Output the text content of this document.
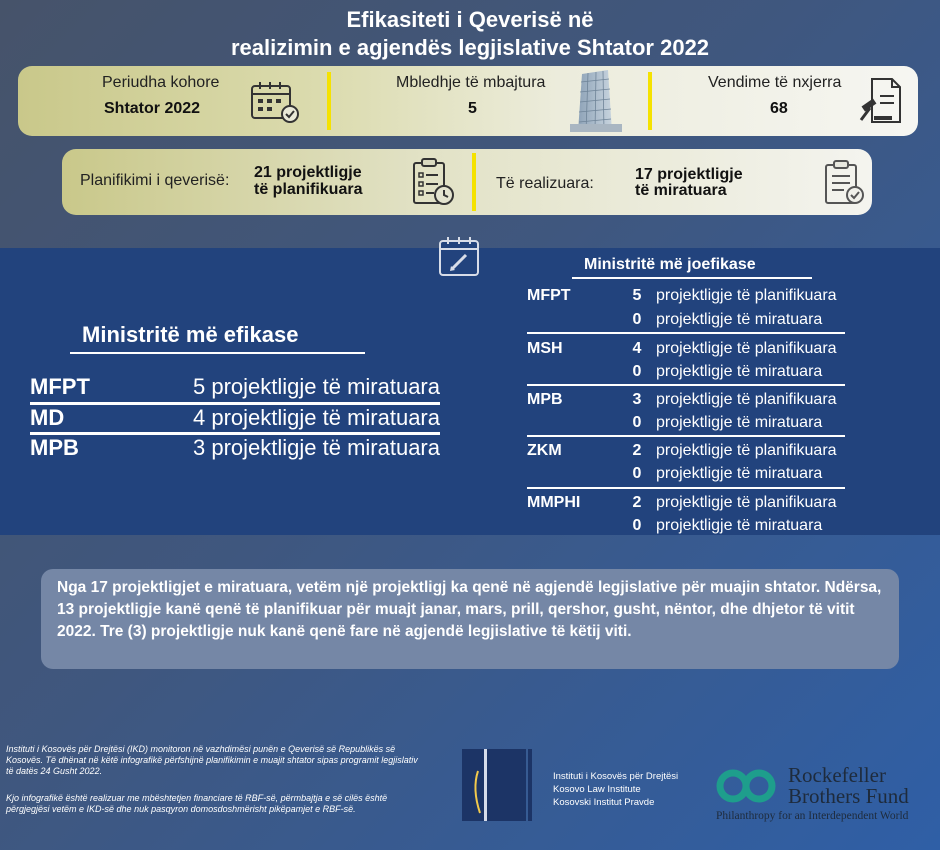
Efikasiteti i Qeverisë në
realizimin e agjendës legjislative Shtator 2022
Periudha kohore
Shtator 2022
Mbledhje të mbajtura
5
Vendime të nxjerra
68
Planifikimi i qeverisë: 21 projektligje
të planifikuara	Të realizuara:
17 projektligje
të miratuara
Ministritë më efikase
MFPT	5 projektligje të miratuara
MD	4 projektligje të miratuara
MPB	3 projektligje të miratuara
Ministritë më joefikase
MFPT	5 projektligje të planifikuara
0 projektligje të miratuara
MSH	4 projektligje të planifikuara
0 projektligje të miratuara
MPB	3 projektligje të planifikuara
0 projektligje të miratuara
ZKM	2 projektligje të planifikuara
0 projektligje të miratuara
MMPHI	2 projektligje të planifikuara
0 projektligje të miratuara
Nga 17 projektligjet e miratuara, vetëm një projektligj ka qenë në agjendë legjislative për muajin shtator. Ndërsa, 13 projektligje kanë qenë të planifikuar për muajt janar, mars, prill, qershor, gusht, nëntor, dhe dhjetor të vitit 2022. Tre (3) projektligje nuk kanë qenë fare në agjendë legjislative të këtij viti.
Instituti i Kosovës për Drejtësi (IKD) monitoron në vazhdimësi punën e Qeverisë së Republikës së Kosovës. Të dhënat në këtë infografikë përfshijnë planifikimin e muajit shtator sipas programit legjislativ të datës 24 Gusht 2022.
Kjo infografikë është realizuar me mbështetjen financiare të RBF-së, përmbajtja e së cilës është përgjegjësi vetëm e IKD-së dhe nuk pasqyron domosdoshmërisht pikëpamjet e RBF-së.
Instituti i Kosovës për Drejtësi
Kosovo Law Institute
Kosovski Institut Pravde
Rockefeller
Brothers Fund
Philanthropy for an Interdependent World
